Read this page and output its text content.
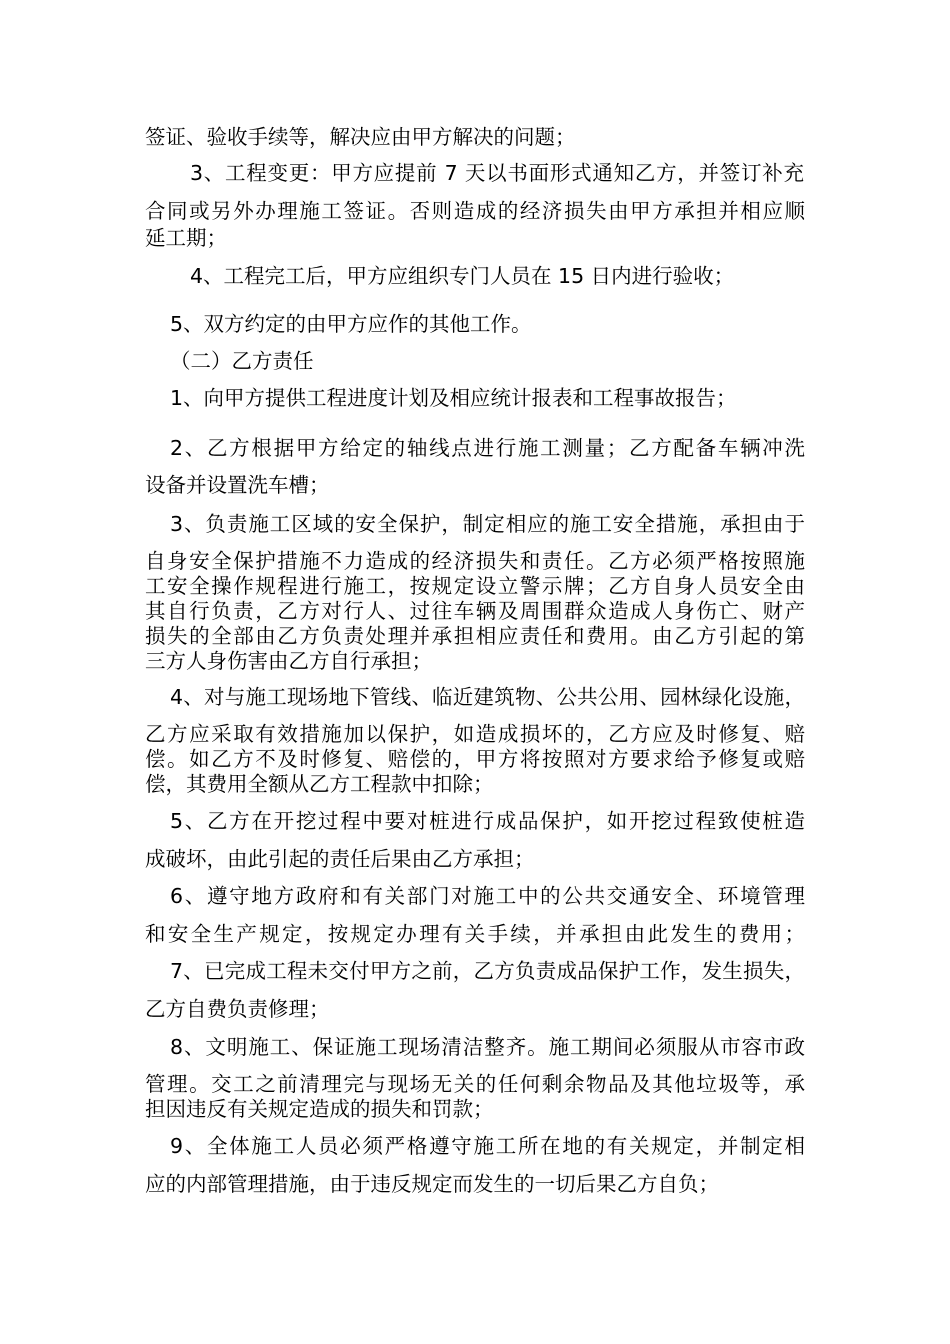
签证、验收手续等，解决应由甲方解决的问题；
3、工程变更：甲方应提前 7 天以书面形式通知乙方，并签订补充
合同或另外办理施工签证。否则造成的经济损失由甲方承担并相应顺
延工期；
4、工程完工后，甲方应组织专门人员在 15 日内进行验收；
5、双方约定的由甲方应作的其他工作。
（二）乙方责任
1、向甲方提供工程进度计划及相应统计报表和工程事故报告；
2、乙方根据甲方给定的轴线点进行施工测量；乙方配备车辆冲洗
设备并设置洗车槽；
3、负责施工区域的安全保护，制定相应的施工安全措施，承担由于
自身安全保护措施不力造成的经济损失和责任。乙方必须严格按照施
工安全操作规程进行施工，按规定设立警示牌；乙方自身人员安全由
其自行负责，乙方对行人、过往车辆及周围群众造成人身伤亡、财产
损失的全部由乙方负责处理并承担相应责任和费用。由乙方引起的第
三方人身伤害由乙方自行承担；
4、对与施工现场地下管线、临近建筑物、公共公用、园林绿化设施，
乙方应采取有效措施加以保护，如造成损坏的，乙方应及时修复、赔
偿。如乙方不及时修复、赔偿的，甲方将按照对方要求给予修复或赔
偿，其费用全额从乙方工程款中扣除；
5、乙方在开挖过程中要对桩进行成品保护，如开挖过程致使桩造
成破坏，由此引起的责任后果由乙方承担；
6、遵守地方政府和有关部门对施工中的公共交通安全、环境管理
和安全生产规定，按规定办理有关手续，并承担由此发生的费用；
7、已完成工程未交付甲方之前，乙方负责成品保护工作，发生损失，
乙方自费负责修理；
8、文明施工、保证施工现场清洁整齐。施工期间必须服从市容市政
管理。交工之前清理完与现场无关的任何剩余物品及其他垃圾等，承
担因违反有关规定造成的损失和罚款；
9、全体施工人员必须严格遵守施工所在地的有关规定，并制定相
应的内部管理措施，由于违反规定而发生的一切后果乙方自负；
